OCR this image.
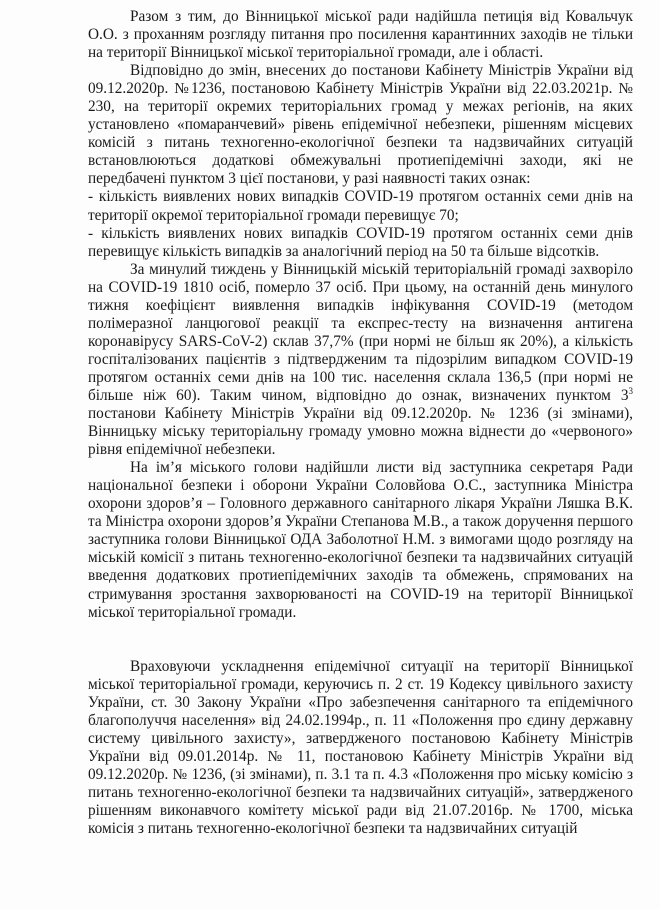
Разом з тим, до Вінницької міської ради надійшла петиція від Ковальчук О.О. з проханням розгляду питання про посилення карантинних заходів не тільки на території Вінницької міської територіальної громади, але і області.

Відповідно до змін, внесених до постанови Кабінету Міністрів України від 09.12.2020р. №1236, постановою Кабінету Міністрів України від 22.03.2021р. № 230, на території окремих територіальних громад у межах регіонів, на яких установлено «помаранчевий» рівень епідемічної небезпеки, рішенням місцевих комісій з питань техногенно-екологічної безпеки та надзвичайних ситуацій встановлюються додаткові обмежувальні протиепідемічні заходи, які не передбачені пунктом 3 цієї постанови, у разі наявності таких ознак:

- кількість виявлених нових випадків COVID-19 протягом останніх семи днів на території окремої територіальної громади перевищує 70;

- кількість виявлених нових випадків COVID-19 протягом останніх семи днів перевищує кількість випадків за аналогічний період на 50 та більше відсотків.

За минулий тиждень у Вінницькій міській територіальній громаді захворіло на COVID-19 1810 осіб, померло 37 осіб. При цьому, на останній день минулого тижня коефіцієнт виявлення випадків інфікування COVID-19 (методом полімеразної ланцюгової реакції та експрес-тесту на визначення антигена коронавірусу SARS-CoV-2) склав 37,7% (при нормі не більш як 20%), а кількість госпіталізованих пацієнтів з підтвердженим та підозрілим випадком COVID-19 протягом останніх семи днів на 100 тис. населення склала 136,5 (при нормі не більше ніж 60). Таким чином, відповідно до ознак, визначених пунктом $3^3$ постанови Кабінету Міністрів України від 09.12.2020р. № 1236 (зі змінами), Вінницьку міську територіальну громаду умовно можна віднести до «червоного» рівня епідемічної небезпеки.

На ім’я міського голови надійшли листи від заступника секретаря Ради національної безпеки і оборони України Соловйова О.С., заступника Міністра охорони здоров’я – Головного державного санітарного лікаря України Ляшка В.К. та Міністра охорони здоров’я України Степанова М.В., а також доручення першого заступника голови Вінницької ОДА Заболотної Н.М. з вимогами щодо розгляду на міській комісії з питань техногенно-екологічної безпеки та надзвичайних ситуацій введення додаткових протиепідемічних заходів та обмежень, спрямованих на стримування зростання захворюваності на COVID-19 на території Вінницької міської територіальної громади.

Враховуючи ускладнення епідемічної ситуації на території Вінницької міської територіальної громади, керуючись п. 2 ст. 19 Кодексу цивільного захисту України, ст. 30 Закону України «Про забезпечення санітарного та епідемічного благополуччя населення» від 24.02.1994р., п. 11 «Положення про єдину державну систему цивільного захисту», затвердженого постановою Кабінету Міністрів України від 09.01.2014р. № 11, постановою Кабінету Міністрів України від 09.12.2020р. № 1236, (зі змінами), п. 3.1 та п. 4.3 «Положення про міську комісію з питань техногенно-екологічної безпеки та надзвичайних ситуацій», затвердженого рішенням виконавчого комітету міської ради від 21.07.2016р. № 1700, міська комісія з питань техногенно-екологічної безпеки та надзвичайних ситуацій
